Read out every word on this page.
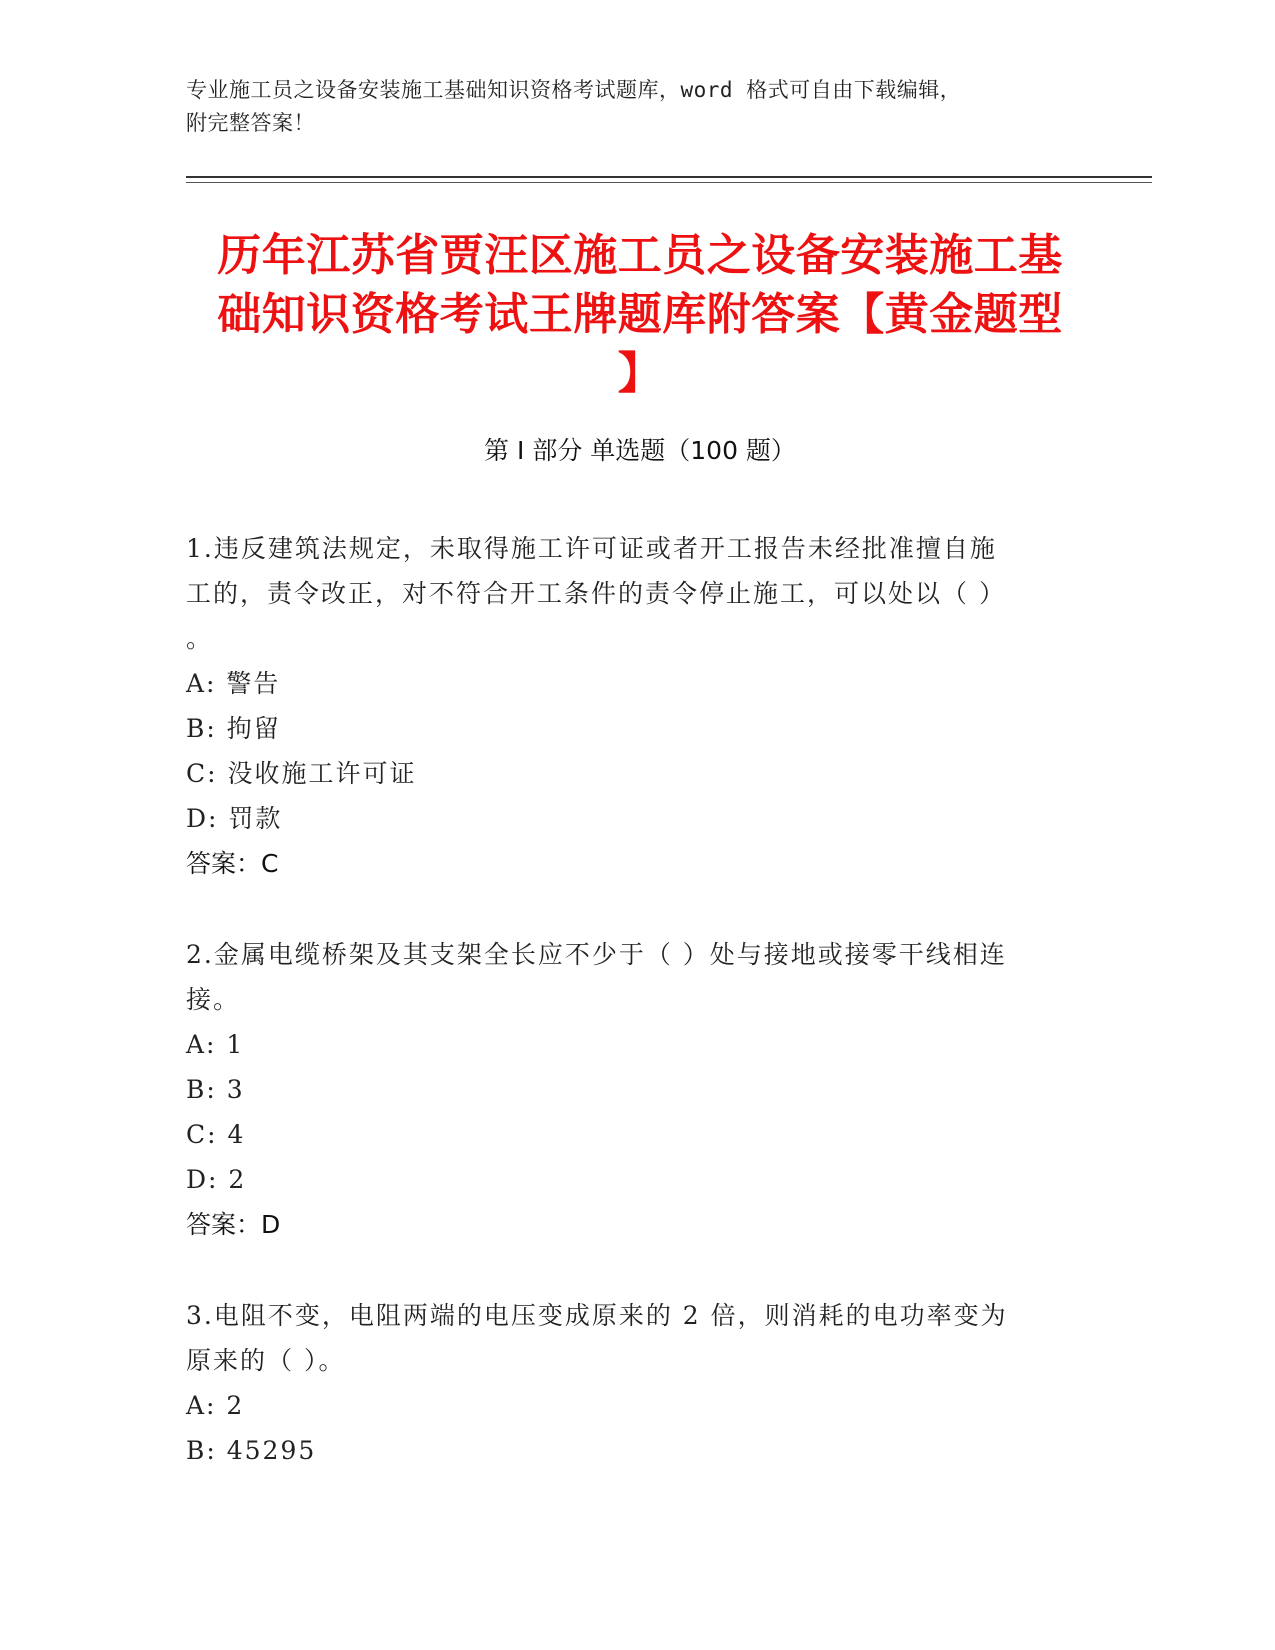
专业施工员之设备安装施工基础知识资格考试题库，word 格式可自由下载编辑，
附完整答案！
历年江苏省贾汪区施工员之设备安装施工基
础知识资格考试王牌题库附答案【黄金题型
】
第 I 部分 单选题（100 题）

1.违反建筑法规定，未取得施工许可证或者开工报告未经批准擅自施

工的，责令改正，对不符合开工条件的责令停止施工，可以处以（ ）

。

A: 警告

B: 拘留

C: 没收施工许可证

D: 罚款

答案：C

2.金属电缆桥架及其支架全长应不少于（ ）处与接地或接零干线相连

接。

A: 1

B: 3

C: 4

D: 2

答案：D

3.电阻不变，电阻两端的电压变成原来的 2 倍，则消耗的电功率变为

原来的（ ）。

A: 2

B: 45295
